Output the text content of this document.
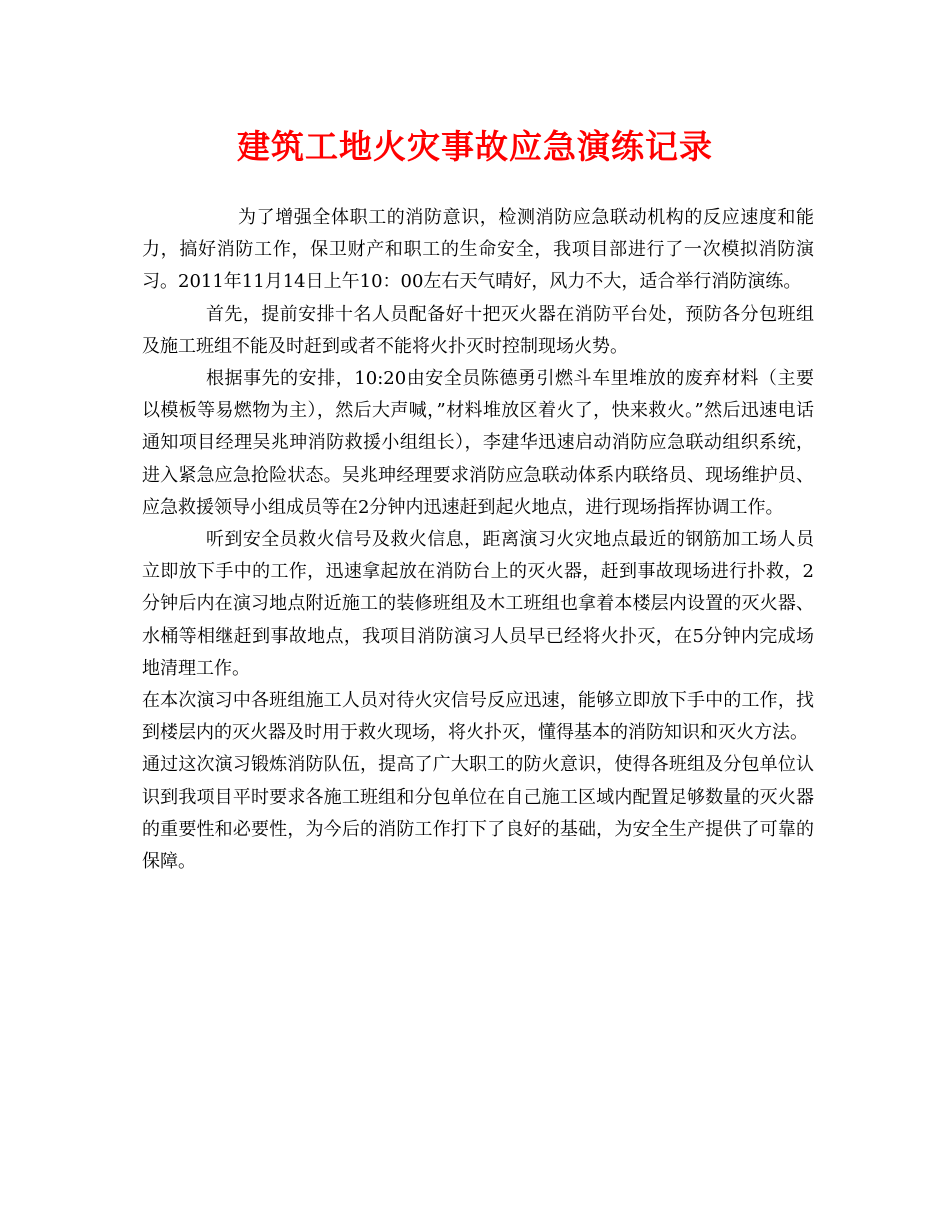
建筑工地火灾事故应急演练记录

为了增强全体职工的消防意识，检测消防应急联动机构的反应速度和能力，搞好消防工作，保卫财产和职工的生命安全，我项目部进行了一次模拟消防演习。2011年11月14日上午10：00左右天气晴好，风力不大，适合举行消防演练。

首先，提前安排十名人员配备好十把灭火器在消防平台处，预防各分包班组及施工班组不能及时赶到或者不能将火扑灭时控制现场火势。

根据事先的安排，10:20由安全员陈德勇引燃斗车里堆放的废弃材料（主要以模板等易燃物为主），然后大声喊，”材料堆放区着火了，快来救火。”然后迅速电话通知项目经理吴兆珅消防救援小组组长），李建华迅速启动消防应急联动组织系统，进入紧急应急抢险状态。吴兆珅经理要求消防应急联动体系内联络员、现场维护员、应急救援领导小组成员等在2分钟内迅速赶到起火地点，进行现场指挥协调工作。

听到安全员救火信号及救火信息，距离演习火灾地点最近的钢筋加工场人员立即放下手中的工作，迅速拿起放在消防台上的灭火器，赶到事故现场进行扑救，2分钟后内在演习地点附近施工的装修班组及木工班组也拿着本楼层内设置的灭火器、水桶等相继赶到事故地点，我项目消防演习人员早已经将火扑灭，在5分钟内完成场地清理工作。

在本次演习中各班组施工人员对待火灾信号反应迅速，能够立即放下手中的工作，找到楼层内的灭火器及时用于救火现场，将火扑灭，懂得基本的消防知识和灭火方法。

通过这次演习锻炼消防队伍，提高了广大职工的防火意识，使得各班组及分包单位认识到我项目平时要求各施工班组和分包单位在自己施工区域内配置足够数量的灭火器的重要性和必要性，为今后的消防工作打下了良好的基础，为安全生产提供了可靠的保障。
